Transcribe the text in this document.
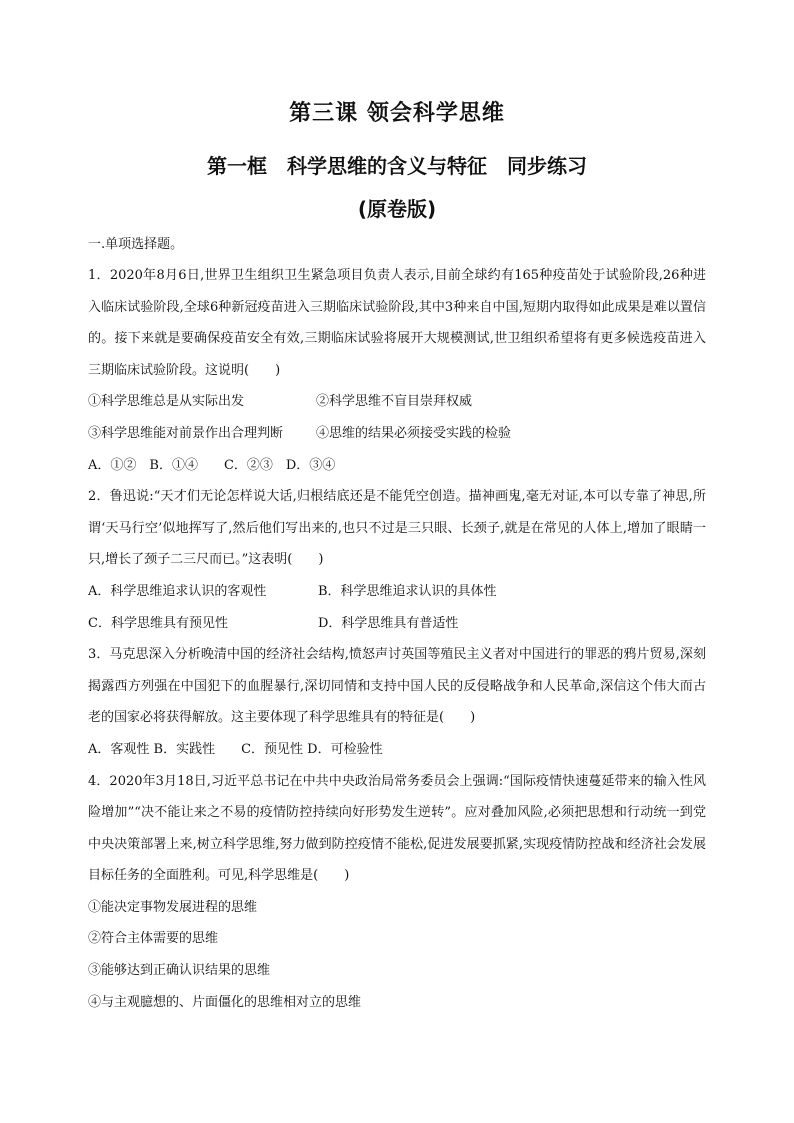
第三课 领会科学思维
第一框　科学思维的含义与特征　同步练习
(原卷版)
一.单项选择题。
1．2020年8月6日,世界卫生组织卫生紧急项目负责人表示,目前全球约有165种疫苗处于试验阶段,26种进入临床试验阶段,全球6种新冠疫苗进入三期临床试验阶段,其中3种来自中国,短期内取得如此成果是难以置信的。接下来就是要确保疫苗安全有效,三期临床试验将展开大规模测试,世卫组织希望将有更多候选疫苗进入三期临床试验阶段。这说明(　　)
①科学思维总是从实际出发	②科学思维不盲目崇拜权威
③科学思维能对前景作出合理判断	④思维的结果必须接受实践的检验
A．①②　B．①④　　C．②③　D．③④
2．鲁迅说:“天才们无论怎样说大话,归根结底还是不能凭空创造。描神画鬼,毫无对证,本可以专靠了神思,所谓‘天马行空’似地挥写了,然后他们写出来的,也只不过是三只眼、长颈子,就是在常见的人体上,增加了眼睛一只,增长了颈子二三尺而已。”这表明(　　)
A．科学思维追求认识的客观性	B．科学思维追求认识的具体性
C．科学思维具有预见性	D．科学思维具有普适性
3．马克思深入分析晚清中国的经济社会结构,愤怒声讨英国等殖民主义者对中国进行的罪恶的鸦片贸易,深刻揭露西方列强在中国犯下的血腥暴行,深切同情和支持中国人民的反侵略战争和人民革命,深信这个伟大而古老的国家必将获得解放。这主要体现了科学思维具有的特征是(　　)
A．客观性 B．实践性　　C．预见性 D．可检验性
4．2020年3月18日,习近平总书记在中共中央政治局常务委员会上强调:“国际疫情快速蔓延带来的输入性风险增加”“决不能让来之不易的疫情防控持续向好形势发生逆转”。应对叠加风险,必须把思想和行动统一到党中央决策部署上来,树立科学思维,努力做到防控疫情不能松,促进发展要抓紧,实现疫情防控战和经济社会发展目标任务的全面胜利。可见,科学思维是(　　)
①能决定事物发展进程的思维
②符合主体需要的思维
③能够达到正确认识结果的思维
④与主观臆想的、片面僵化的思维相对立的思维
